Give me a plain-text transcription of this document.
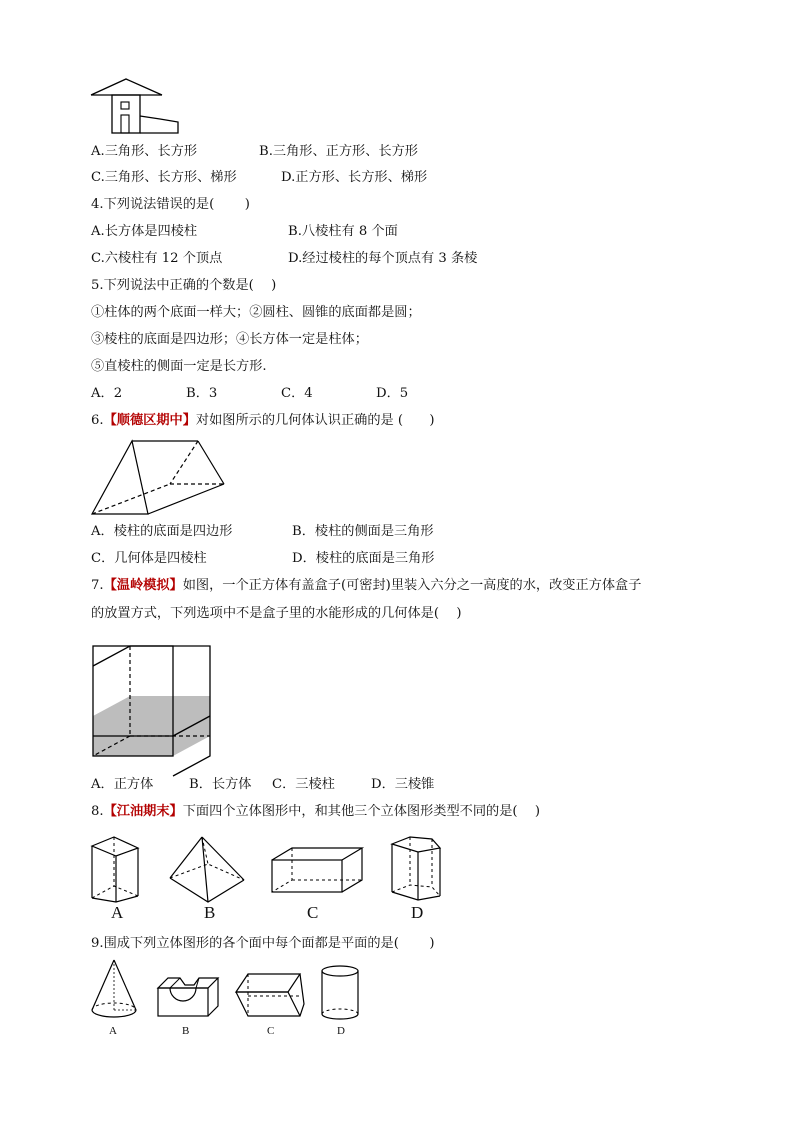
A.三角形、长方形	B.三角形、正方形、长方形
C.三角形、长方形、梯形	D.正方形、长方形、梯形
4.下列说法错误的是(　　 )
A.长方体是四棱柱	B.八棱柱有 8 个面
C.六棱柱有 12 个顶点	D.经过棱柱的每个顶点有 3 条棱
5.下列说法中正确的个数是(　 )
①柱体的两个底面一样大；②圆柱、圆锥的底面都是圆；
③棱柱的底面是四边形；④长方体一定是柱体；
⑤直棱柱的侧面一定是长方形.
A．2	B．3	C．4	D．5
6.【顺德区期中】对如图所示的几何体认识正确的是 (　　)
A．棱柱的底面是四边形	B．棱柱的侧面是三角形
C．几何体是四棱柱	D．棱柱的底面是三角形
7.【温岭模拟】如图，一个正方体有盖盒子(可密封)里装入六分之一高度的水，改变正方体盒子
的放置方式，下列选项中不是盒子里的水能形成的几何体是(　 )
A．正方体	B．长方体 C．三棱柱	D．三棱锥
8.【江油期末】下面四个立体图形中，和其他三个立体图形类型不同的是(　 )
A	B	C	D
9.围成下列立体图形的各个面中每个面都是平面的是(　　 )
A	B	C	D
